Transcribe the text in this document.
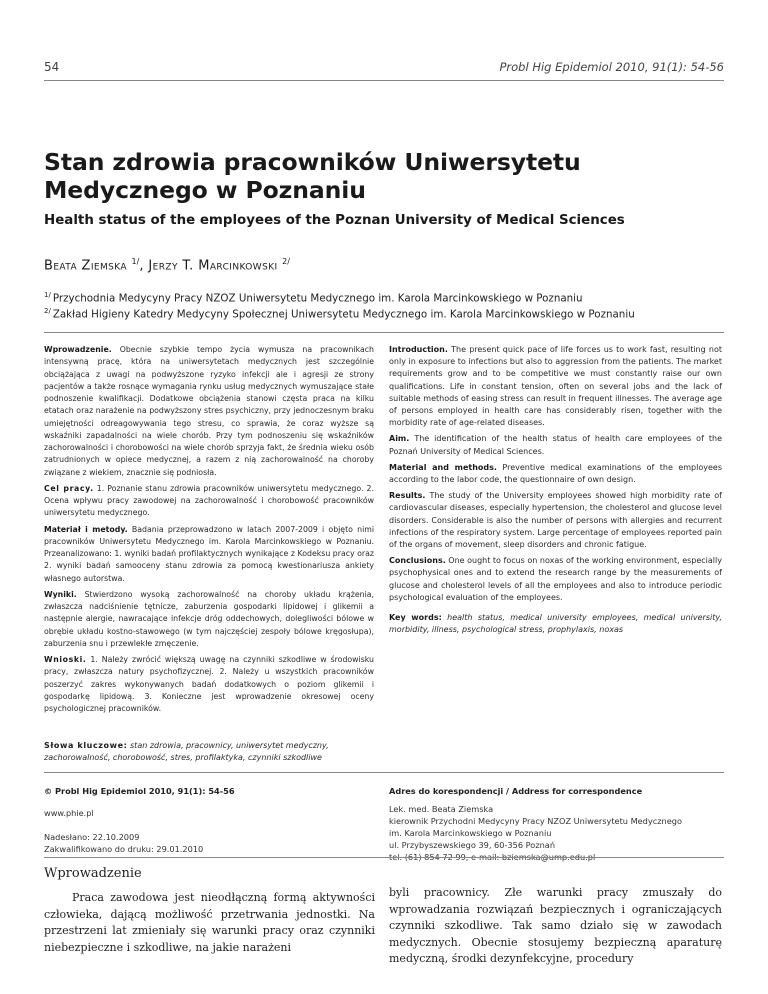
54	Probl Hig Epidemiol 2010, 91(1): 54-56
Stan zdrowia pracowników Uniwersytetu Medycznego w Poznaniu
Health status of the employees of the Poznan University of Medical Sciences
Beata Ziemska $^{1/}$, Jerzy T. Marcinkowski $^{2/}$
$^{1/}$ Przychodnia Medycyny Pracy NZOZ Uniwersytetu Medycznego im. Karola Marcinkowskiego w Poznaniu
$^{2/}$ Zakład Higieny Katedry Medycyny Społecznej Uniwersytetu Medycznego im. Karola Marcinkowskiego w Poznaniu

Wprowadzenie. Obecnie szybkie tempo życia wymusza na pracownikach intensywną pracę, która na uniwersytetach medycznych jest szczególnie obciążająca z uwagi na podwyższone ryzyko infekcji ale i agresji ze strony pacjentów a także rosnące wymagania rynku usług medycznych wymuszające stałe podnoszenie kwalifikacji. Dodatkowe obciążenia stanowi częsta praca na kilku etatach oraz narażenie na podwyższony stres psychiczny, przy jednoczesnym braku umiejętności odreagowywania tego stresu, co sprawia, że coraz wyższe są wskaźniki zapadalności na wiele chorób. Przy tym podnoszeniu się wskaźników zachorowalności i chorobowości na wiele chorób sprzyja fakt, że średnia wieku osób zatrudnionych w opiece medycznej, a razem z nią zachorowalność na choroby związane z wiekiem, znacznie się podniosła.

Cel pracy. 1. Poznanie stanu zdrowia pracowników uniwersytetu medycznego. 2. Ocena wpływu pracy zawodowej na zachorowalność i chorobowość pracowników uniwersytetu medycznego.

Materiał i metody. Badania przeprowadzono w latach 2007-2009 i objęto nimi pracowników Uniwersytetu Medycznego im. Karola Marcinkowskiego w Poznaniu. Przeanalizowano: 1. wyniki badań profilaktycznych wynikające z Kodeksu pracy oraz 2. wyniki badań samooceny stanu zdrowia za pomocą kwestionariusza ankiety własnego autorstwa.

Wyniki. Stwierdzono wysoką zachorowalność na choroby układu krążenia, zwłaszcza nadciśnienie tętnicze, zaburzenia gospodarki lipidowej i glikemii a następnie alergie, nawracające infekcje dróg oddechowych, dolegliwości bólowe w obrębie układu kostno-stawowego (w tym najczęściej zespoły bólowe kręgosłupa), zaburzenia snu i przewlekłe zmęczenie.

Wnioski. 1. Należy zwrócić większą uwagę na czynniki szkodliwe w środowisku pracy, zwłaszcza natury psychofizycznej. 2. Należy u wszystkich pracowników poszerzyć zakres wykonywanych badań dodatkowych o poziom glikemii i gospodarkę lipidową. 3. Konieczne jest wprowadzenie okresowej oceny psychologicznej pracowników.

Słowa kluczowe: stan zdrowia, pracownicy, uniwersytet medyczny, zachorowalność, chorobowość, stres, profilaktyka, czynniki szkodliwe

Introduction. The present quick pace of life forces us to work fast, resulting not only in exposure to infections but also to aggression from the patients. The market requirements grow and to be competitive we must constantly raise our own qualifications. Life in constant tension, often on several jobs and the lack of suitable methods of easing stress can result in frequent illnesses. The average age of persons employed in health care has considerably risen, together with the morbidity rate of age-related diseases.

Aim. The identification of the health status of health care employees of the Poznań University of Medical Sciences.

Material and methods. Preventive medical examinations of the employees according to the labor code, the questionnaire of own design.

Results. The study of the University employees showed high morbidity rate of cardiovascular diseases, especially hypertension, the cholesterol and glucose level disorders. Considerable is also the number of persons with allergies and recurrent infections of the respiratory system. Large percentage of employees reported pain of the organs of movement, sleep disorders and chronic fatigue.

Conclusions. One ought to focus on noxas of the working environment, especially psychophysical ones and to extend the research range by the measurements of glucose and cholesterol levels of all the employees and also to introduce periodic psychological evaluation of the employees.

Key words: health status, medical university employees, medical university, morbidity, illness, psychological stress, prophylaxis, noxas

© Probl Hig Epidemiol 2010, 91(1): 54-56
www.phie.pl
Nadesłano: 22.10.2009
Zakwalifikowano do druku: 29.01.2010
Adres do korespondencji / Address for correspondence
Lek. med. Beata Ziemska
kierownik Przychodni Medycyny Pracy NZOZ Uniwersytetu Medycznego
im. Karola Marcinkowskiego w Poznaniu
ul. Przybyszewskiego 39, 60-356 Poznań
tel. (61) 854 72 99, e-mail: bziemska@ump.edu.pl
Wprowadzenie
Praca zawodowa jest nieodłączną formą aktywności człowieka, dającą możliwość przetrwania jednostki. Na przestrzeni lat zmieniały się warunki pracy oraz czynniki niebezpieczne i szkodliwe, na jakie narażeni
byli pracownicy. Złe warunki pracy zmuszały do wprowadzania rozwiązań bezpiecznych i ograniczających czynniki szkodliwe. Tak samo działo się w zawodach medycznych. Obecnie stosujemy bezpieczną aparaturę medyczną, środki dezynfekcyjne, procedury
